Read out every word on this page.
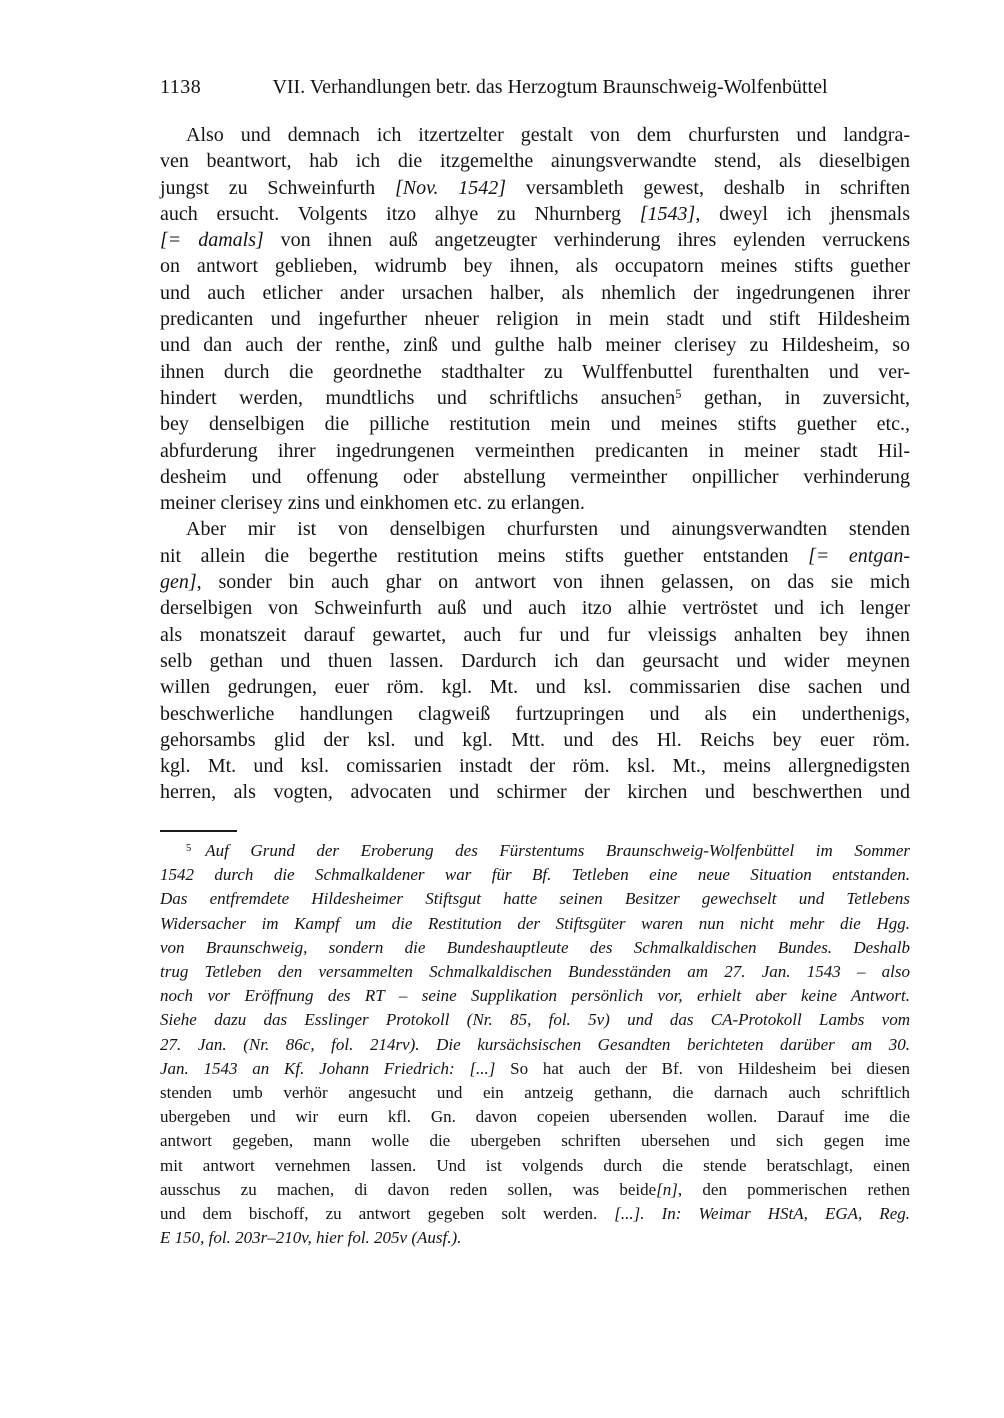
1138	VII. Verhandlungen betr. das Herzogtum Braunschweig-Wolfenbüttel
Also und demnach ich itzertzelter gestalt von dem churfursten und landgra-
ven beantwort, hab ich die itzgemelthe ainungsverwandte stend, als dieselbigen
jungst zu Schweinfurth [Nov. 1542] versambleth gewest, deshalb in schriften
auch ersucht. Volgents itzo alhye zu Nhurnberg [1543], dweyl ich jhensmals
[= damals] von ihnen auß angetzeugter verhinderung ihres eylenden verruckens
on antwort geblieben, widrumb bey ihnen, als occupatorn meines stifts guether
und auch etlicher ander ursachen halber, als nhemlich der ingedrungenen ihrer
predicanten und ingefurther nheuer religion in mein stadt und stift Hildesheim
und dan auch der renthe, zinß und gulthe halb meiner clerisey zu Hildesheim, so
ihnen durch die geordnethe stadthalter zu Wulffenbuttel furenthalten und ver-
hindert werden, mundtlichs und schriftlichs ansuchen$^5$ gethan, in zuversicht,
bey denselbigen die pilliche restitution mein und meines stifts guether etc.,
abfurderung ihrer ingedrungenen vermeinthen predicanten in meiner stadt Hil-
desheim und offenung oder abstellung vermeinther onpillicher verhinderung
meiner clerisey zins und einkhomen etc. zu erlangen.
Aber mir ist von denselbigen churfursten und ainungsverwandten stenden
nit allein die begerthe restitution meins stifts guether entstanden [= entgan-
gen], sonder bin auch ghar on antwort von ihnen gelassen, on das sie mich
derselbigen von Schweinfurth auß und auch itzo alhie vertröstet und ich lenger
als monatszeit darauf gewartet, auch fur und fur vleissigs anhalten bey ihnen
selb gethan und thuen lassen. Dardurch ich dan geursacht und wider meynen
willen gedrungen, euer röm. kgl. Mt. und ksl. commissarien dise sachen und
beschwerliche handlungen clagweiß furtzupringen und als ein underthenigs,
gehorsambs glid der ksl. und kgl. Mtt. und des Hl. Reichs bey euer röm.
kgl. Mt. und ksl. comissarien instadt der röm. ksl. Mt., meins allergnedigsten
herren, als vogten, advocaten und schirmer der kirchen und beschwerthen und
$^5$ Auf Grund der Eroberung des Fürstentums Braunschweig-Wolfenbüttel im Sommer
1542 durch die Schmalkaldener war für Bf. Tetleben eine neue Situation entstanden.
Das entfremdete Hildesheimer Stiftsgut hatte seinen Besitzer gewechselt und Tetlebens
Widersacher im Kampf um die Restitution der Stiftsgüter waren nun nicht mehr die Hgg.
von Braunschweig, sondern die Bundeshauptleute des Schmalkaldischen Bundes. Deshalb
trug Tetleben den versammelten Schmalkaldischen Bundesständen am 27. Jan. 1543 – also
noch vor Eröffnung des RT – seine Supplikation persönlich vor, erhielt aber keine Antwort.
Siehe dazu das Esslinger Protokoll (Nr. 85, fol. 5v) und das CA-Protokoll Lambs vom
27. Jan. (Nr. 86c, fol. 214rv). Die kursächsischen Gesandten berichteten darüber am 30.
Jan. 1543 an Kf. Johann Friedrich: [...] So hat auch der Bf. von Hildesheim bei diesen
stenden umb verhör angesucht und ein antzeig gethann, die darnach auch schriftlich
ubergeben und wir eurn kfl. Gn. davon copeien ubersenden wollen. Darauf ime die
antwort gegeben, mann wolle die ubergeben schriften ubersehen und sich gegen ime
mit antwort vernehmen lassen. Und ist volgends durch die stende beratschlagt, einen
ausschus zu machen, di davon reden sollen, was beide[n], den pommerischen rethen
und dem bischoff, zu antwort gegeben solt werden. [...]. In: Weimar HStA, EGA, Reg.
E 150, fol. 203r–210v, hier fol. 205v (Ausf.).
